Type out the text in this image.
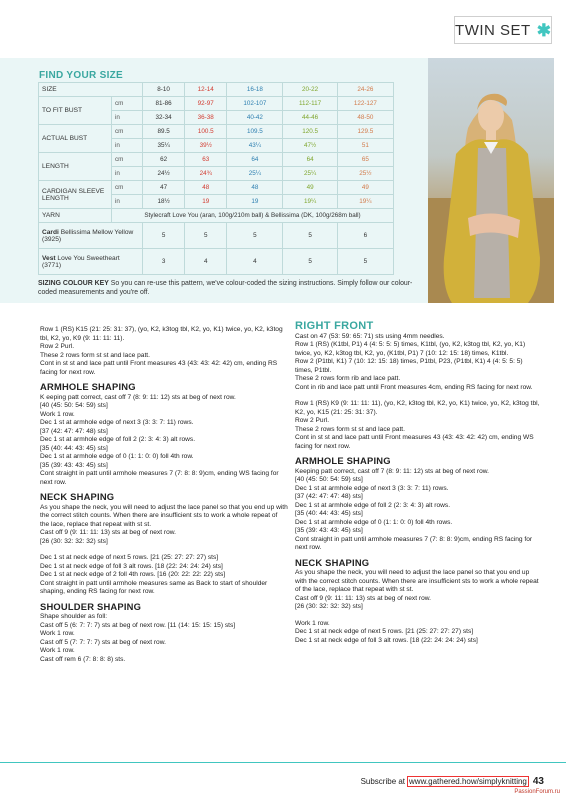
TWIN SET ✱
FIND YOUR SIZE
SIZE		8-10	12-14	16-18	20-22	24-26
TO FIT BUST	cm	81-86	92-97	102-107	112-117	122-127
	in	32-34	36-38	40-42	44-46	48-50
ACTUAL BUST	cm	89.5	100.5	109.5	120.5	129.5
	in	35¼	39½	43¼	47½	51
LENGTH	cm	62	63	64	64	65
	in	24½	24¾	25¼	25¼	25½
CARDIGAN SLEEVE LENGTH	cm	47	48	48	49	49
	in	18½	19	19	19¼	19¼
YARN	Stylecraft Love You (aran, 100g/210m ball) & Bellissima (DK, 100g/268m ball)					
Cardi Bellissima Mellow Yellow (3925)		5	5	5	5	6
Vest Love You Sweetheart (3771)		3	4	4	5	5
SIZING COLOUR KEY So you can re-use this pattern, we've colour-coded the sizing instructions. Simply follow our colour-coded measurements and you're off.

Row 1 (RS) K15 (21: 25: 31: 37), (yo, K2, k3tog tbl, K2, yo, K1) twice, yo, K2, k3tog tbl, K2, yo, K9 (9: 11: 11: 11).

Row 2 Purl.

These 2 rows form st st and lace patt.

Cont in st st and lace patt until Front measures 43 (43: 43: 42: 42) cm, ending RS facing for next row.

ARMHOLE SHAPING

K eeping patt correct, cast off 7 (8: 9: 11: 12) sts at beg of next row.

[40 (45: 50: 54: 59) sts]

Work 1 row.

Dec 1 st at armhole edge of next 3 (3: 3: 7: 11) rows.

[37 (42: 47: 47: 48) sts]

Dec 1 st at armhole edge of foll 2 (2: 3: 4: 3) alt rows.

[35 (40: 44: 43: 45) sts]

Dec 1 st at armhole edge of 0 (1: 1: 0: 0) foll 4th row.

[35 (39: 43: 43: 45) sts]

Cont straight in patt until armhole measures 7 (7: 8: 8: 9)cm, ending WS facing for next row.

NECK SHAPING

As you shape the neck, you will need to adjust the lace panel so that you end up with the correct stitch counts. When there are insufficient sts to work a whole repeat of the lace, replace that repeat with st st.

Cast off 9 (9: 11: 11: 13) sts at beg of next row.

[26 (30: 32: 32: 32) sts]

Dec 1 st at neck edge of next 5 rows. [21 (25: 27: 27: 27) sts]

Dec 1 st at neck edge of foll 3 alt rows. [18 (22: 24: 24: 24) sts]

Dec 1 st at neck edge of 2 foll 4th rows. [16 (20: 22: 22: 22) sts]

Cont straight in patt until armhole measures same as Back to start of shoulder shaping, ending RS facing for next row.

SHOULDER SHAPING

Shape shoulder as foll:

Cast off 5 (6: 7: 7: 7) sts at beg of next row. [11 (14: 15: 15: 15) sts]

Work 1 row.

Cast off 5 (7: 7: 7: 7) sts at beg of next row.

Work 1 row.

Cast off rem 6 (7: 8: 8: 8) sts.

RIGHT FRONT

Cast on 47 (53: 59: 65: 71) sts using 4mm needles.

Row 1 (RS) (K1tbl, P1) 4 (4: 5: 5: 5) times, K1tbl, (yo, K2, k3tog tbl, K2, yo, K1) twice, yo, K2, k3tog tbl, K2, yo, (K1tbl, P1) 7 (10: 12: 15: 18) times, K1tbl.

Row 2 (P1tbl, K1) 7 (10: 12: 15: 18) times, P1tbl, P23, (P1tbl, K1) 4 (4: 5: 5: 5) times, P1tbl.

These 2 rows form rib and lace patt.

Cont in rib and lace patt until Front measures 4cm, ending RS facing for next row.

Row 1 (RS) K9 (9: 11: 11: 11), (yo, K2, k3tog tbl, K2, yo, K1) twice, yo, K2, k3tog tbl, K2, yo, K15 (21: 25: 31: 37).

Row 2 Purl.

These 2 rows form st st and lace patt.

Cont in st st and lace patt until Front measures 43 (43: 43: 42: 42) cm, ending WS facing for next row.

ARMHOLE SHAPING

Keeping patt correct, cast off 7 (8: 9: 11: 12) sts at beg of next row.

[40 (45: 50: 54: 59) sts]

Dec 1 st at armhole edge of next 3 (3: 3: 7: 11) rows.

[37 (42: 47: 47: 48) sts]

Dec 1 st at armhole edge of foll 2 (2: 3: 4: 3) alt rows.

[35 (40: 44: 43: 45) sts]

Dec 1 st at armhole edge of 0 (1: 1: 0: 0) foll 4th rows.

[35 (39: 43: 43: 45) sts]

Cont straight in patt until armhole measures 7 (7: 8: 8: 9)cm, ending RS facing for next row.

NECK SHAPING

As you shape the neck, you will need to adjust the lace panel so that you end up with the correct stitch counts. When there are insufficient sts to work a whole repeat of the lace, replace that repeat with st st.

Cast off 9 (9: 11: 11: 13) sts at beg of next row.

[26 (30: 32: 32: 32) sts]

Work 1 row.

Dec 1 st at neck edge of next 5 rows. [21 (25: 27: 27: 27) sts]

Dec 1 st at neck edge of foll 3 alt rows. [18 (22: 24: 24: 24) sts]

Subscribe at www.gathered.how/simplyknitting 43
PassionForum.ru
